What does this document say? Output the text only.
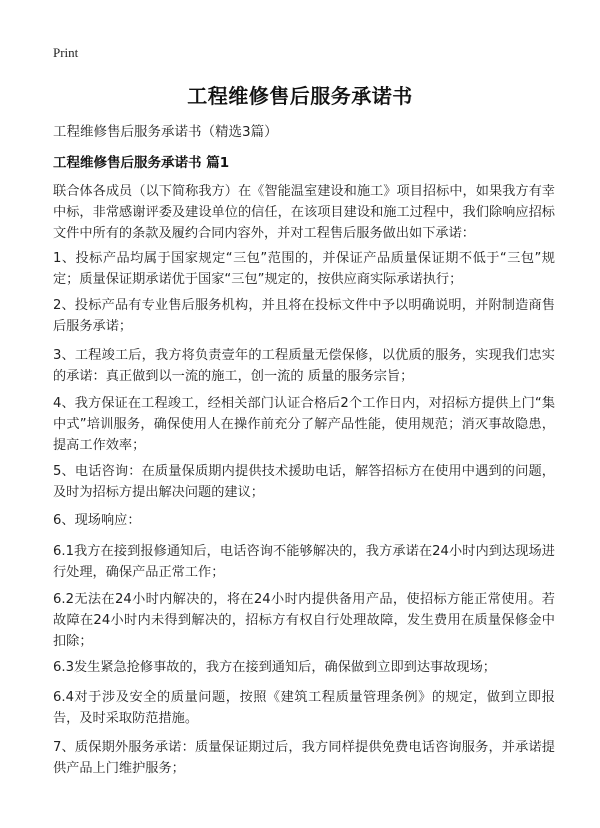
Print
工程维修售后服务承诺书
工程维修售后服务承诺书（精选3篇）
工程维修售后服务承诺书 篇1

联合体各成员（以下简称我方）在《智能温室建设和施工》项目招标中，如果我方有幸中标，非常感谢评委及建设单位的信任，在该项目建设和施工过程中，我们除响应招标文件中所有的条款及履约合同内容外，并对工程售后服务做出如下承诺：

1、投标产品均属于国家规定“三包”范围的，并保证产品质量保证期不低于“三包”规定；质量保证期承诺优于国家“三包”规定的，按供应商实际承诺执行；

2、投标产品有专业售后服务机构，并且将在投标文件中予以明确说明，并附制造商售后服务承诺；

3、工程竣工后，我方将负责壹年的工程质量无偿保修，以优质的服务，实现我们忠实的承诺：真正做到以一流的施工，创一流的 质量的服务宗旨；

4、我方保证在工程竣工，经相关部门认证合格后2个工作日内，对招标方提供上门“集中式”培训服务，确保使用人在操作前充分了解产品性能，使用规范；消灭事故隐患，提高工作效率；

5、电话咨询：在质量保质期内提供技术援助电话，解答招标方在使用中遇到的问题，及时为招标方提出解决问题的建议；

6、现场响应：

6.1我方在接到报修通知后，电话咨询不能够解决的，我方承诺在24小时内到达现场进行处理，确保产品正常工作；

6.2无法在24小时内解决的，将在24小时内提供备用产品，使招标方能正常使用。若故障在24小时内未得到解决的，招标方有权自行处理故障，发生费用在质量保修金中扣除；

6.3发生紧急抢修事故的，我方在接到通知后，确保做到立即到达事故现场；

6.4对于涉及安全的质量问题，按照《建筑工程质量管理条例》的规定，做到立即报告，及时采取防范措施。

7、质保期外服务承诺：质量保证期过后，我方同样提供免费电话咨询服务，并承诺提供产品上门维护服务；
